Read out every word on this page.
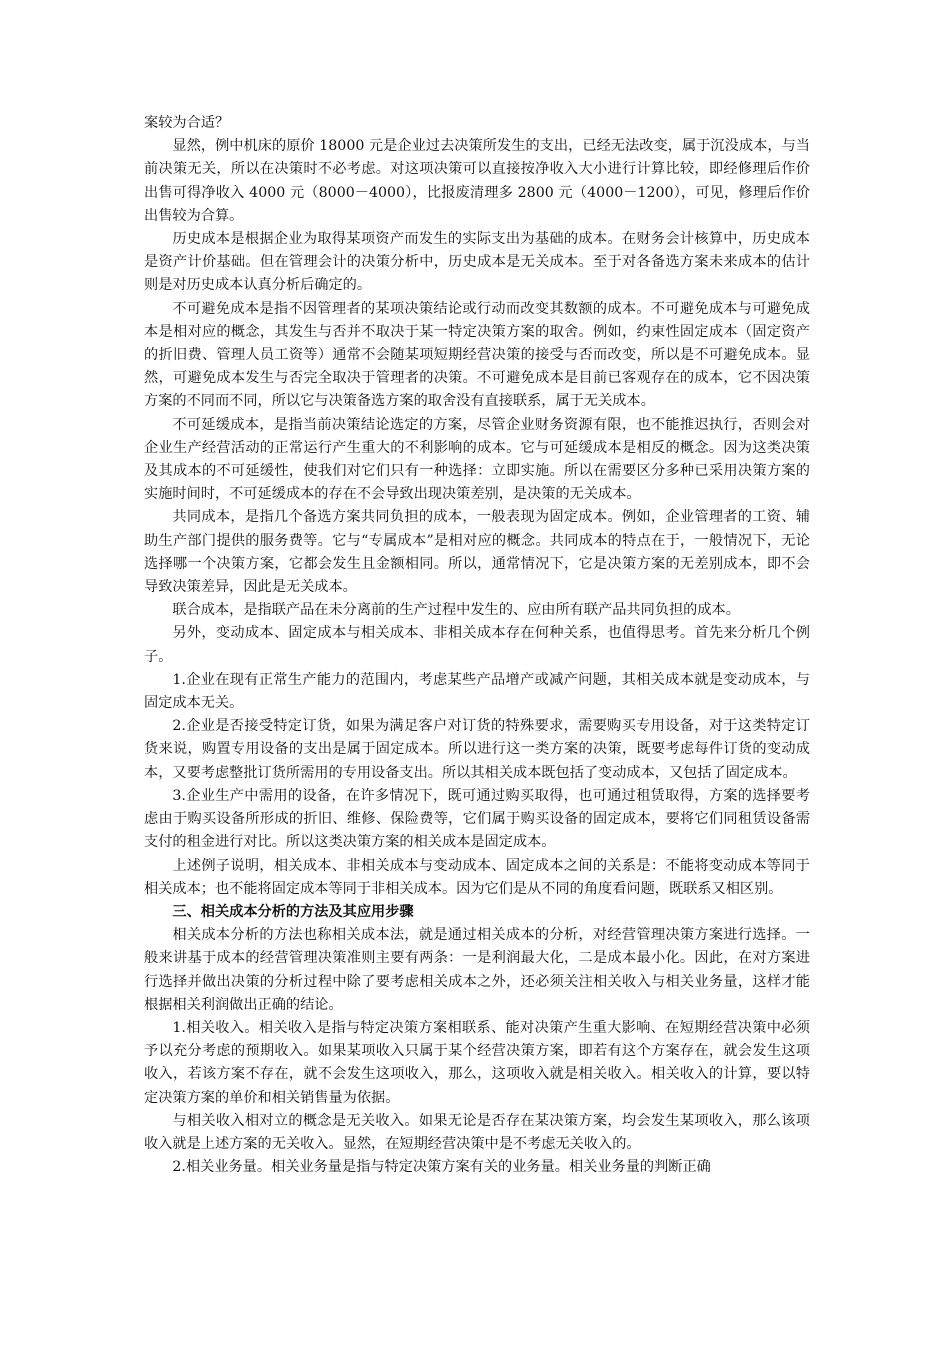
案较为合适？

显然，例中机床的原价 18000 元是企业过去决策所发生的支出，已经无法改变，属于沉没成本，与当前决策无关，所以在决策时不必考虑。对这项决策可以直接按净收入大小进行计算比较，即经修理后作价出售可得净收入 4000 元（8000－4000），比报废清理多 2800 元（4000－1200），可见，修理后作价出售较为合算。

历史成本是根据企业为取得某项资产而发生的实际支出为基础的成本。在财务会计核算中，历史成本是资产计价基础。但在管理会计的决策分析中，历史成本是无关成本。至于对各备选方案未来成本的估计则是对历史成本认真分析后确定的。

不可避免成本是指不因管理者的某项决策结论或行动而改变其数额的成本。不可避免成本与可避免成本是相对应的概念，其发生与否并不取决于某一特定决策方案的取舍。例如，约束性固定成本（固定资产的折旧费、管理人员工资等）通常不会随某项短期经营决策的接受与否而改变，所以是不可避免成本。显然，可避免成本发生与否完全取决于管理者的决策。不可避免成本是目前已客观存在的成本，它不因决策方案的不同而不同，所以它与决策备选方案的取舍没有直接联系，属于无关成本。

不可延缓成本，是指当前决策结论选定的方案，尽管企业财务资源有限，也不能推迟执行，否则会对企业生产经营活动的正常运行产生重大的不利影响的成本。它与可延缓成本是相反的概念。因为这类决策及其成本的不可延缓性，使我们对它们只有一种选择：立即实施。所以在需要区分多种已采用决策方案的实施时间时，不可延缓成本的存在不会导致出现决策差别，是决策的无关成本。

共同成本，是指几个备选方案共同负担的成本，一般表现为固定成本。例如，企业管理者的工资、辅助生产部门提供的服务费等。它与“专属成本”是相对应的概念。共同成本的特点在于，一般情况下，无论选择哪一个决策方案，它都会发生且金额相同。所以，通常情况下，它是决策方案的无差别成本，即不会导致决策差异，因此是无关成本。

联合成本，是指联产品在未分离前的生产过程中发生的、应由所有联产品共同负担的成本。

另外，变动成本、固定成本与相关成本、非相关成本存在何种关系，也值得思考。首先来分析几个例子。

1.企业在现有正常生产能力的范围内，考虑某些产品增产或减产问题，其相关成本就是变动成本，与固定成本无关。

2.企业是否接受特定订货，如果为满足客户对订货的特殊要求，需要购买专用设备，对于这类特定订货来说，购置专用设备的支出是属于固定成本。所以进行这一类方案的决策，既要考虑每件订货的变动成本，又要考虑整批订货所需用的专用设备支出。所以其相关成本既包括了变动成本，又包括了固定成本。

3.企业生产中需用的设备，在许多情况下，既可通过购买取得，也可通过租赁取得，方案的选择要考虑由于购买设备所形成的折旧、维修、保险费等，它们属于购买设备的固定成本，要将它们同租赁设备需支付的租金进行对比。所以这类决策方案的相关成本是固定成本。

上述例子说明，相关成本、非相关成本与变动成本、固定成本之间的关系是：不能将变动成本等同于相关成本；也不能将固定成本等同于非相关成本。因为它们是从不同的角度看问题，既联系又相区别。

三、相关成本分析的方法及其应用步骤

相关成本分析的方法也称相关成本法，就是通过相关成本的分析，对经营管理决策方案进行选择。一般来讲基于成本的经营管理决策准则主要有两条：一是利润最大化，二是成本最小化。因此，在对方案进行选择并做出决策的分析过程中除了要考虑相关成本之外，还必须关注相关收入与相关业务量，这样才能根据相关利润做出正确的结论。

1.相关收入。相关收入是指与特定决策方案相联系、能对决策产生重大影响、在短期经营决策中必须予以充分考虑的预期收入。如果某项收入只属于某个经营决策方案，即若有这个方案存在，就会发生这项收入，若该方案不存在，就不会发生这项收入，那么，这项收入就是相关收入。相关收入的计算，要以特定决策方案的单价和相关销售量为依据。

与相关收入相对立的概念是无关收入。如果无论是否存在某决策方案，均会发生某项收入，那么该项收入就是上述方案的无关收入。显然，在短期经营决策中是不考虑无关收入的。

2.相关业务量。相关业务量是指与特定决策方案有关的业务量。相关业务量的判断正确
